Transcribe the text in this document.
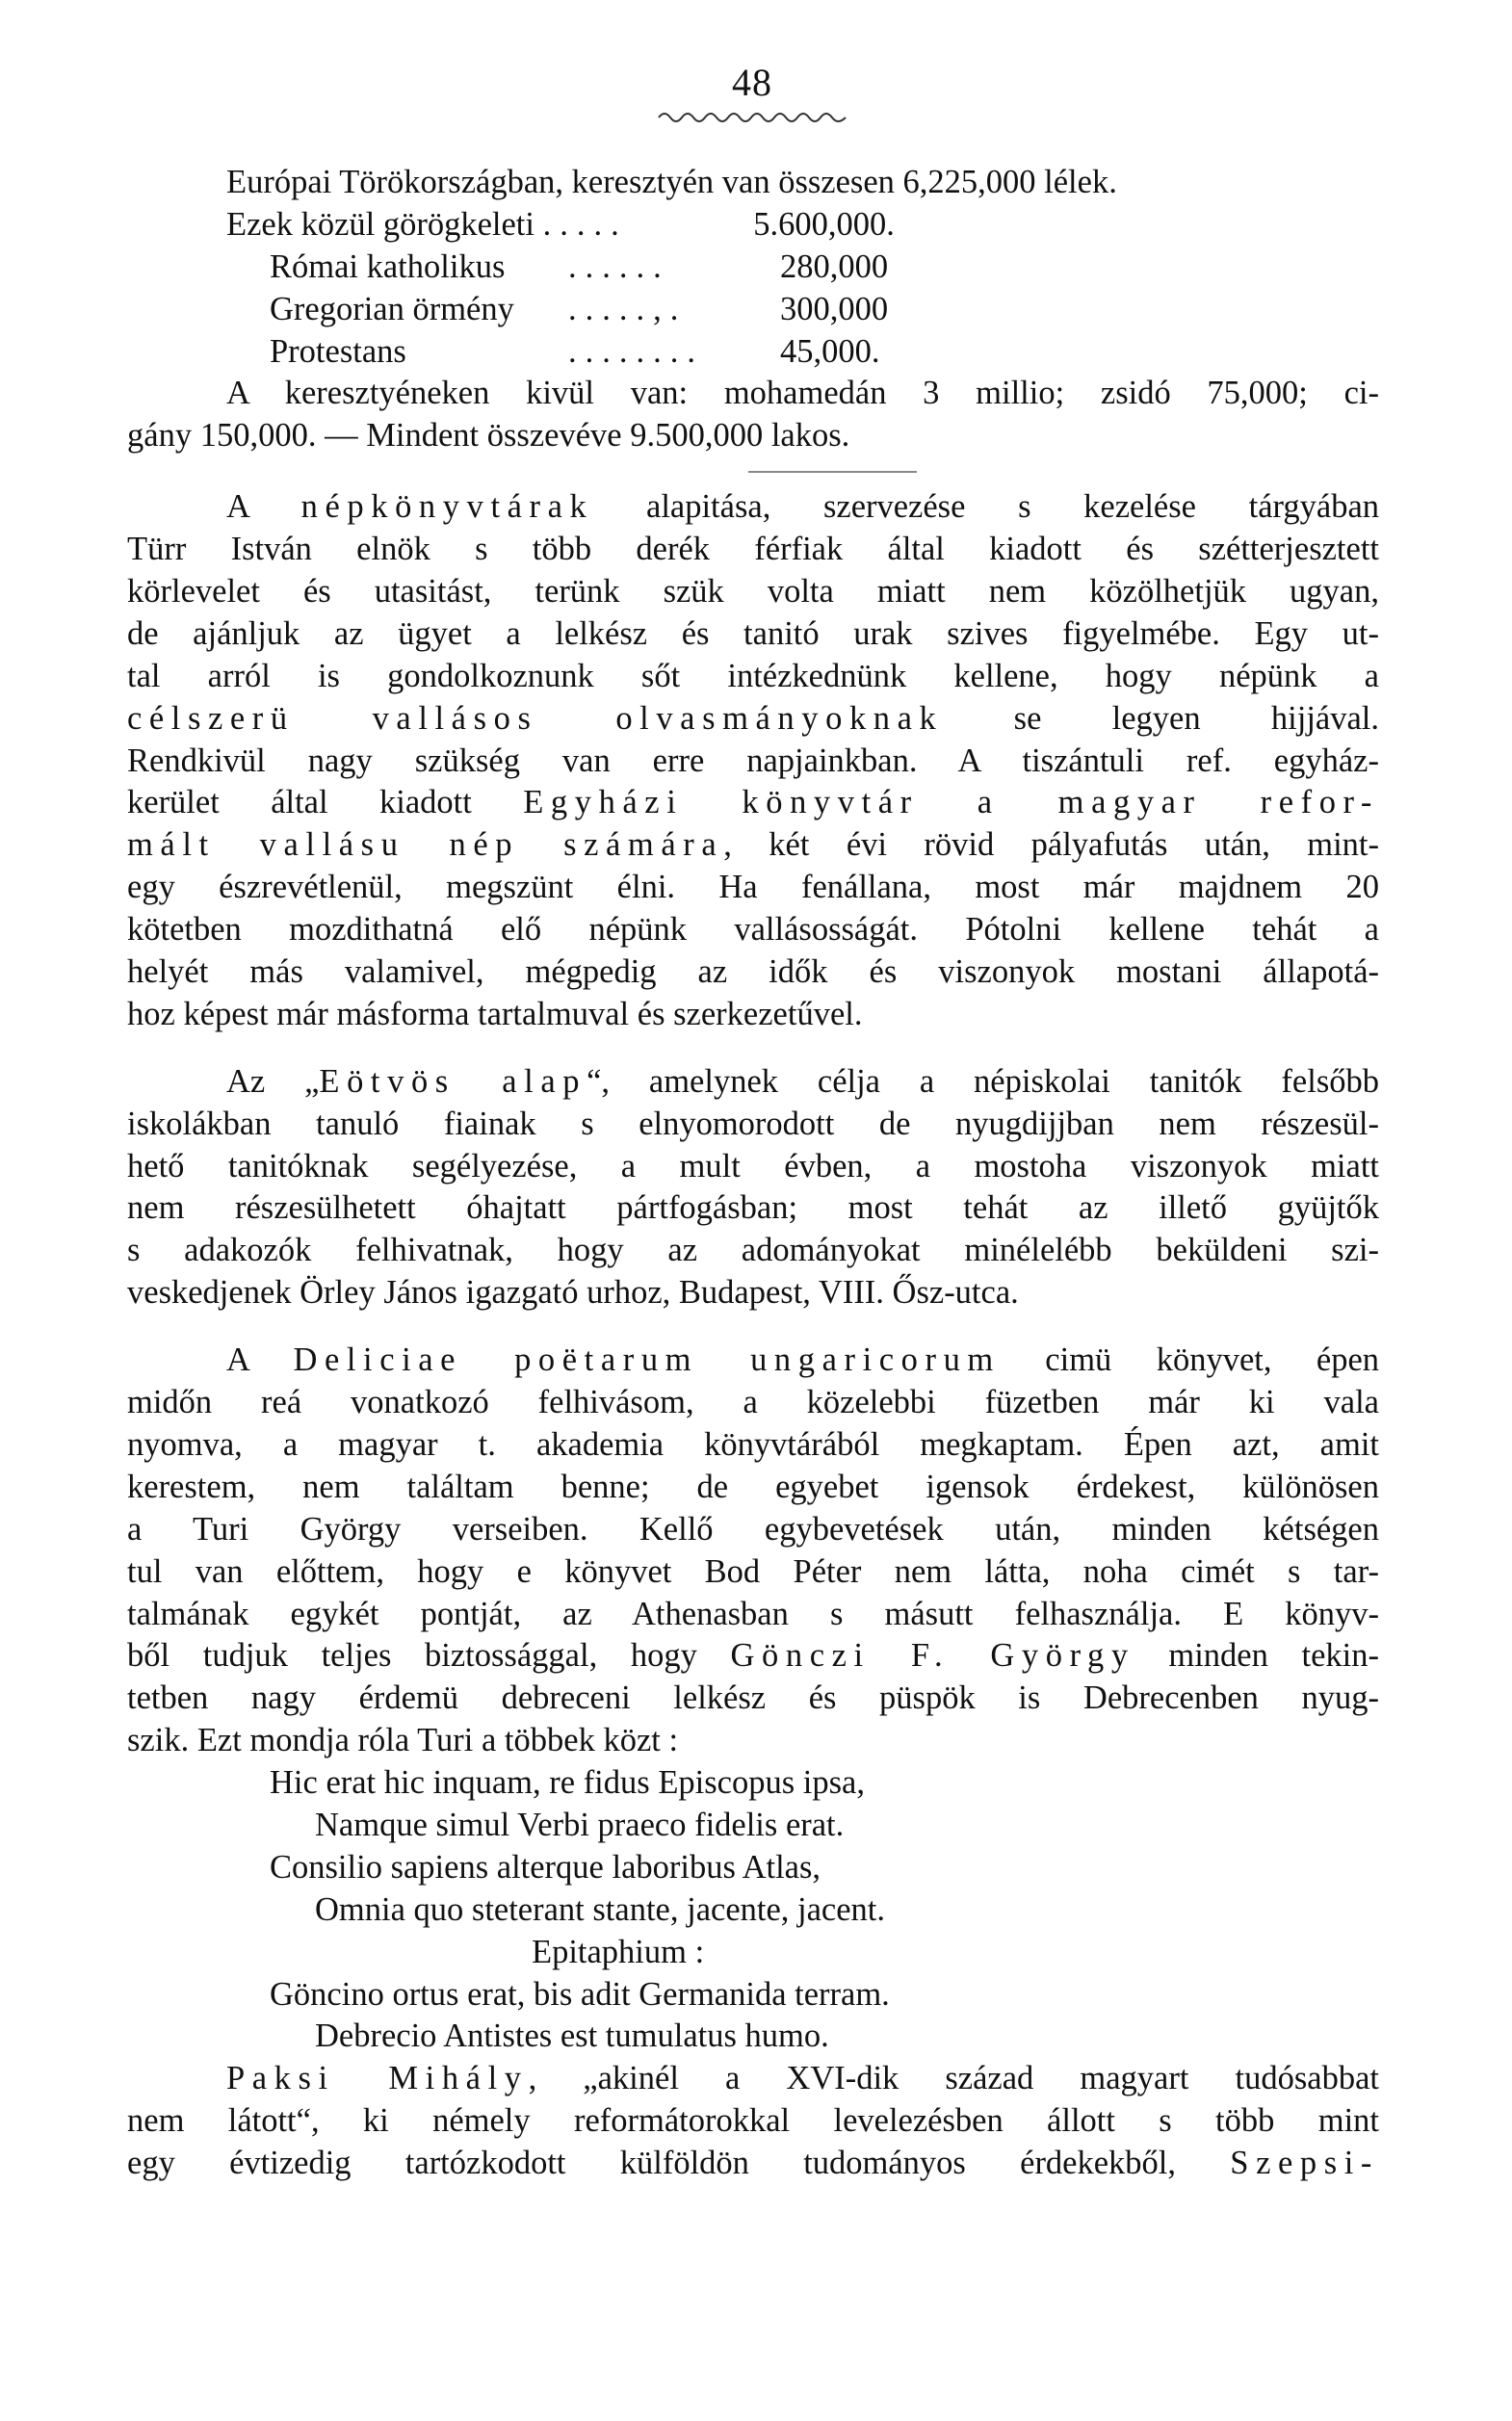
48
Európai Törökországban, keresztyén van összesen 6,225,000 lélek.
Ezek közül görögkeleti .....	5.600,000.
Római katholikus ......	280,000
Gregorian örmény .....,.	300,000
Protestans	........ 45,000.
A keresztyéneken kivül van: mohamedán 3 millio; zsidó 75,000; ci-
gány 150,000. — Mindent összevéve 9.500,000 lakos.
A népkönyvtárak alapitása, szervezése s kezelése tárgyában
Türr István elnök s több derék férfiak által kiadott és szétterjesztett
körlevelet és utasitást, terünk szük volta miatt nem közölhetjük ugyan,
de ajánljuk az ügyet a lelkész és tanitó urak szives figyelmébe. Egy ut-
tal arról is gondolkoznunk sőt intézkednünk kellene, hogy népünk a
célszerü vallásos olvasmányoknak se legyen hijjával.
Rendkivül nagy szükség van erre napjainkban. A tiszántuli ref. egyház-
kerület által kiadott Egyházi könyvtár a magyar refor-
mált vallásu nép számára, két évi rövid pályafutás után, mint-
egy észrevétlenül, megszünt élni. Ha fenállana, most már majdnem 20
kötetben mozdithatná elő népünk vallásosságát. Pótolni kellene tehát a
helyét más valamivel, mégpedig az idők és viszonyok mostani állapotá-
hoz képest már másforma tartalmuval és szerkezetűvel.
Az „Eötvös alap“, amelynek célja a népiskolai tanitók felsőbb
iskolákban tanuló fiainak s elnyomorodott de nyugdijjban nem részesül-
hető tanitóknak segélyezése, a mult évben, a mostoha viszonyok miatt
nem részesülhetett óhajtatt pártfogásban; most tehát az illető gyüjtők
s adakozók felhivatnak, hogy az adományokat minélelébb beküldeni szi-
veskedjenek Örley János igazgató urhoz, Budapest, VIII. Ősz-utca.
A Deliciae poëtarum ungaricorum cimü könyvet, épen
midőn reá vonatkozó felhivásom, a közelebbi füzetben már ki vala
nyomva, a magyar t. akademia könyvtárából megkaptam. Épen azt, amit
kerestem, nem találtam benne; de egyebet igensok érdekest, különösen
a Turi György verseiben. Kellő egybevetések után, minden kétségen
tul van előttem, hogy e könyvet Bod Péter nem látta, noha cimét s tar-
talmának egykét pontját, az Athenasban s másutt felhasználja. E könyv-
ből tudjuk teljes biztossággal, hogy Gönczi F. György minden tekin-
tetben nagy érdemü debreceni lelkész és püspök is Debrecenben nyug-
szik. Ezt mondja róla Turi a többek közt :
Hic erat hic inquam, re fidus Episcopus ipsa,
Namque simul Verbi praeco fidelis erat.
Consilio sapiens alterque laboribus Atlas,
Omnia quo steterant stante, jacente, jacent.
Epitaphium :
Göncino ortus erat, bis adit Germanida terram.
Debrecio Antistes est tumulatus humo.
Paksi Mihály, „akinél a XVI-dik század magyart tudósabbat
nem látott“, ki némely reformátorokkal levelezésben állott s több mint
egy évtizedig tartózkodott külföldön tudományos érdekekből, Szepsi-
